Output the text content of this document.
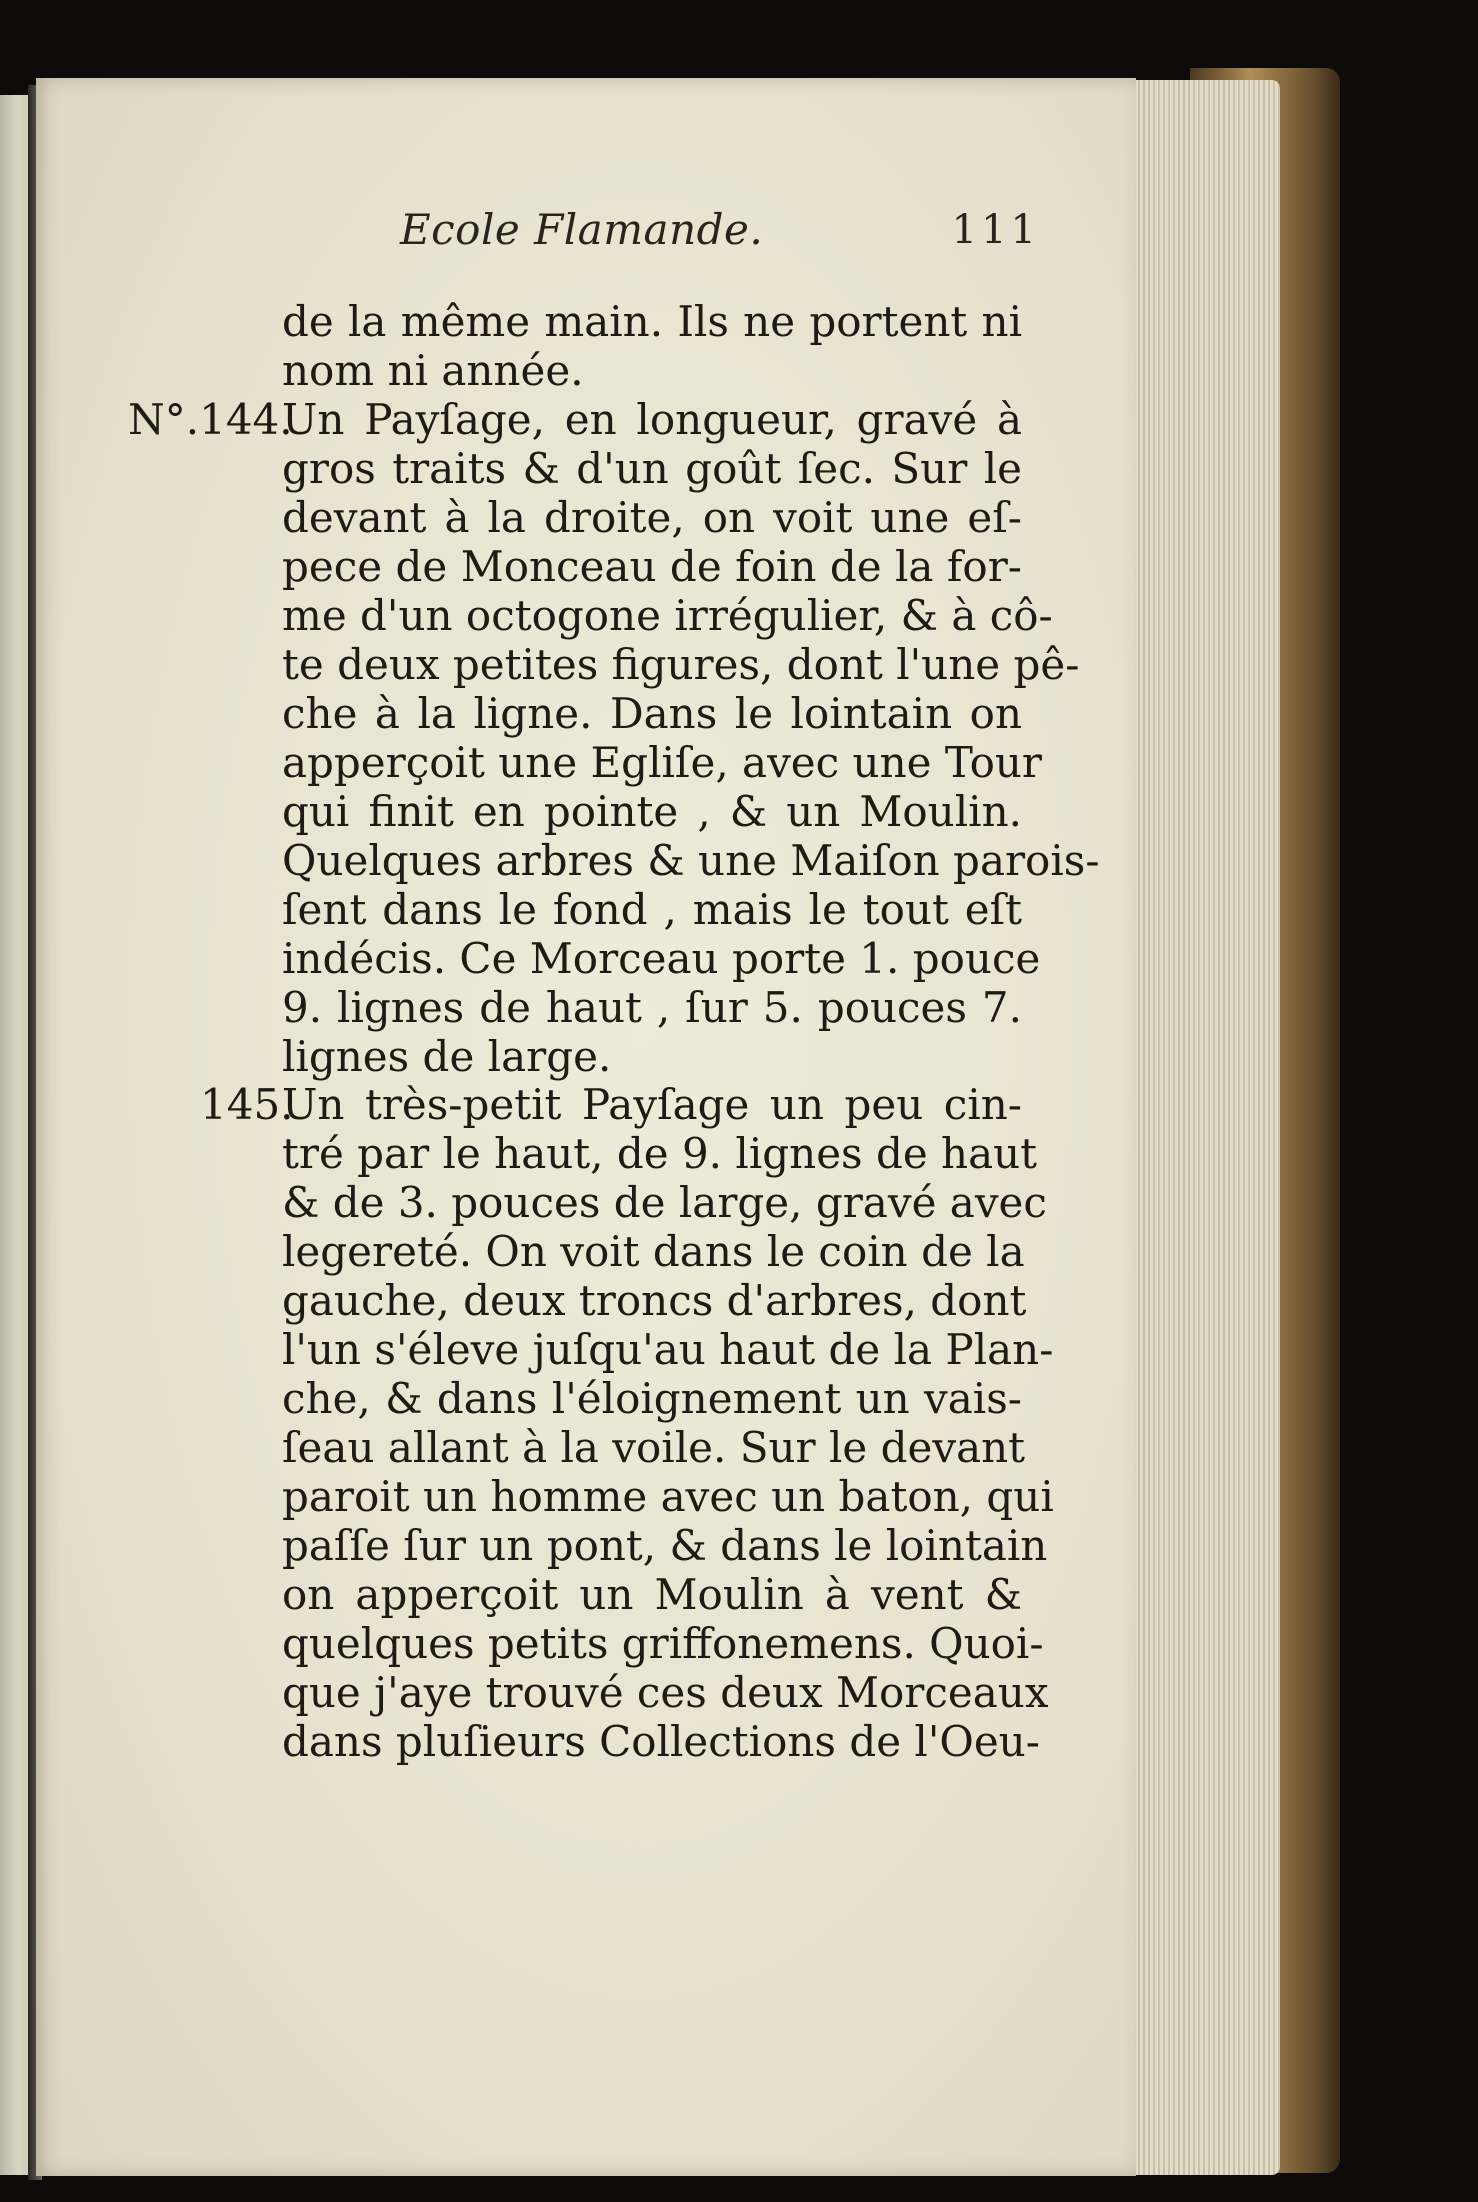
Ecole Flamande.	111
N°.144.
145.
de la même main. Ils ne portent ni
nom ni année.
Un Payſage, en longueur, gravé à
gros traits & d'un goût ſec. Sur le
devant à la droite, on voit une eſ-
pece de Monceau de foin de la for-
me d'un octogone irrégulier, & à cô-
te deux petites figures, dont l'une pê-
che à la ligne. Dans le lointain on
apperçoit une Egliſe, avec une Tour
qui finit en pointe , & un Moulin.
Quelques arbres & une Maiſon parois-
ſent dans le fond , mais le tout eſt
indécis. Ce Morceau porte 1. pouce
9. lignes de haut , ſur 5. pouces 7.
lignes de large.
Un très-petit Payſage un peu cin-
tré par le haut, de 9. lignes de haut
& de 3. pouces de large, gravé avec
legereté. On voit dans le coin de la
gauche, deux troncs d'arbres, dont
l'un s'éleve juſqu'au haut de la Plan-
che, & dans l'éloignement un vais-
ſeau allant à la voile. Sur le devant
paroit un homme avec un baton, qui
paſſe ſur un pont, & dans le lointain
on apperçoit un Moulin à vent &
quelques petits griffonemens. Quoi-
que j'aye trouvé ces deux Morceaux
dans pluſieurs Collections de l'Oeu-
